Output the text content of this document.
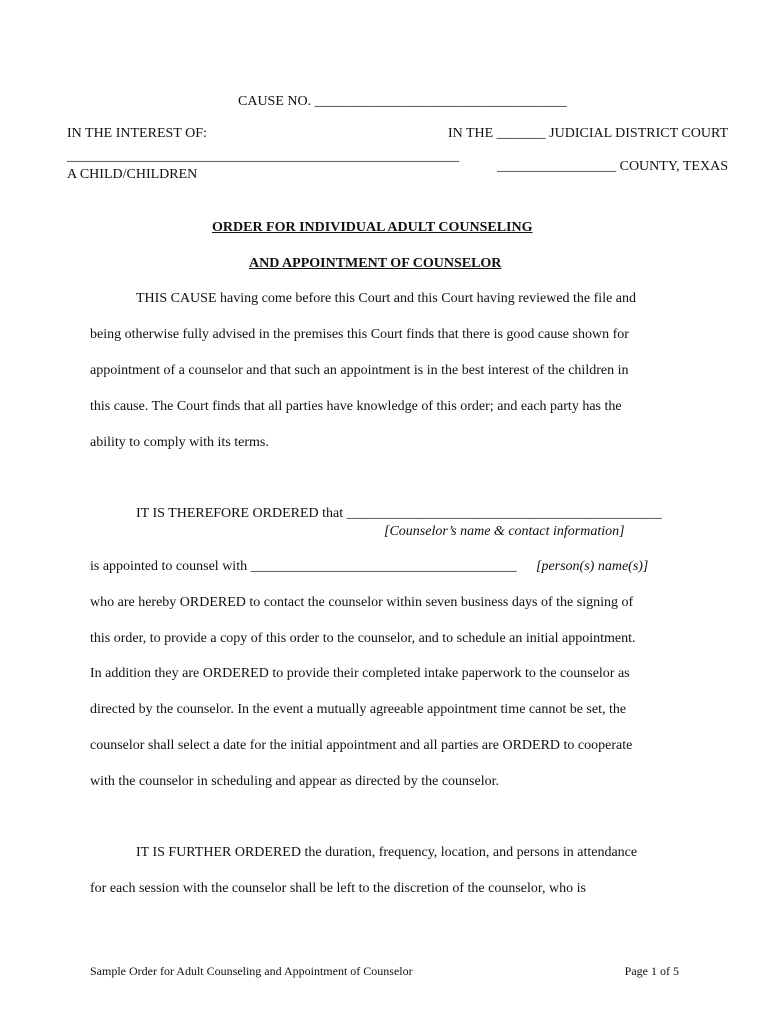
CAUSE NO. ____________________________________
IN THE INTEREST OF:	IN THE _______ JUDICIAL DISTRICT COURT
________________________________________________________
_________________ COUNTY, TEXAS
A CHILD/CHILDREN
ORDER FOR INDIVIDUAL ADULT COUNSELING
AND APPOINTMENT OF COUNSELOR
THIS CAUSE having come before this Court and this Court having reviewed the file and
being otherwise fully advised in the premises this Court finds that there is good cause shown for
appointment of a counselor and that such an appointment is in the best interest of the children in
this cause. The Court finds that all parties have knowledge of this order; and each party has the
ability to comply with its terms.
IT IS THEREFORE ORDERED that _____________________________________________
[Counselor’s name & contact information]
is appointed to counsel with ______________________________________ [person(s) name(s)]
who are hereby ORDERED to contact the counselor within seven business days of the signing of
this order, to provide a copy of this order to the counselor, and to schedule an initial appointment.
In addition they are ORDERED to provide their completed intake paperwork to the counselor as
directed by the counselor. In the event a mutually agreeable appointment time cannot be set, the
counselor shall select a date for the initial appointment and all parties are ORDERD to cooperate
with the counselor in scheduling and appear as directed by the counselor.
IT IS FURTHER ORDERED the duration, frequency, location, and persons in attendance
for each session with the counselor shall be left to the discretion of the counselor, who is
Sample Order for Adult Counseling and Appointment of Counselor	Page 1 of 5
